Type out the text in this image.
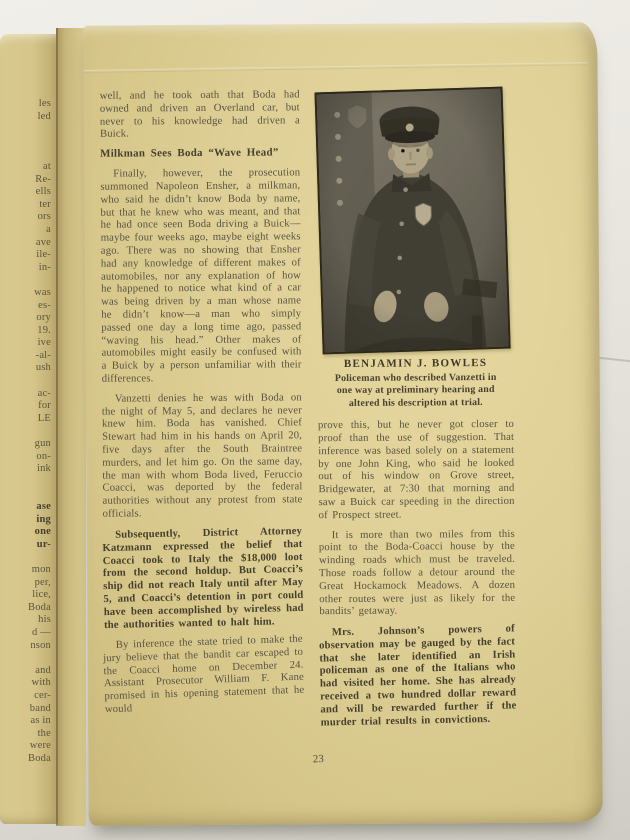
les
led

at
Re-
ells
ter
ors
a
ave
ile-
in-

was
es-
ory
19.
ive
-al-
ush

ac-
for
LE

gun
on-
ink

ase
ing
one
ur-

mon
per,
lice,
Boda
his
d —
nson

and
with
cer-
band
as in
the
were
Boda

well, and he took oath that Boda had owned and driven an Overland car, but never to his knowledge had driven a Buick.

Milkman Sees Boda “Wave Head”

Finally, however, the prosecution summoned Napoleon Ensher, a milkman, who said he didn’t know Boda by name, but that he knew who was meant, and that he had once seen Boda driving a Buick—maybe four weeks ago, maybe eight weeks ago. There was no showing that Ensher had any knowledge of different makes of automobiles, nor any explanation of how he happened to notice what kind of a car was being driven by a man whose name he didn’t know—a man who simply passed one day a long time ago, passed “waving his head.” Other makes of automobiles might easily be confused with a Buick by a person unfamiliar with their differences.

Vanzetti denies he was with Boda on the night of May 5, and declares he never knew him. Boda has vanished. Chief Stewart had him in his hands on April 20, five days after the South Braintree murders, and let him go. On the same day, the man with whom Boda lived, Feruccio Coacci, was deported by the federal authorities without any protest from state officials.

Subsequently, District Attorney Katzmann expressed the belief that Coacci took to Italy the $18,000 loot from the second holdup. But Coacci’s ship did not reach Italy until after May 5, and Coacci’s detention in port could have been accomplished by wireless had the authorities wanted to halt him.

By inference the state tried to make the jury believe that the bandit car escaped to the Coacci home on December 24. Assistant Prosecutor William F. Kane promised in his opening statement that he would

BENJAMIN J. BOWLES
Policeman who described Vanzetti in
one way at preliminary hearing and
altered his description at trial.

prove this, but he never got closer to proof than the use of suggestion. That inference was based solely on a statement by one John King, who said he looked out of his window on Grove street, Bridgewater, at 7:30 that morning and saw a Buick car speeding in the direction of Prospect street.

It is more than two miles from this point to the Boda-Coacci house by the winding roads which must be traveled. Those roads follow a detour around the Great Hockamock Meadows. A dozen other routes were just as likely for the bandits’ getaway.

Mrs. Johnson’s powers of observation may be gauged by the fact that she later identified an Irish policeman as one of the Italians who had visited her home. She has already received a two hundred dollar reward and will be rewarded further if the murder trial results in convictions.

23
